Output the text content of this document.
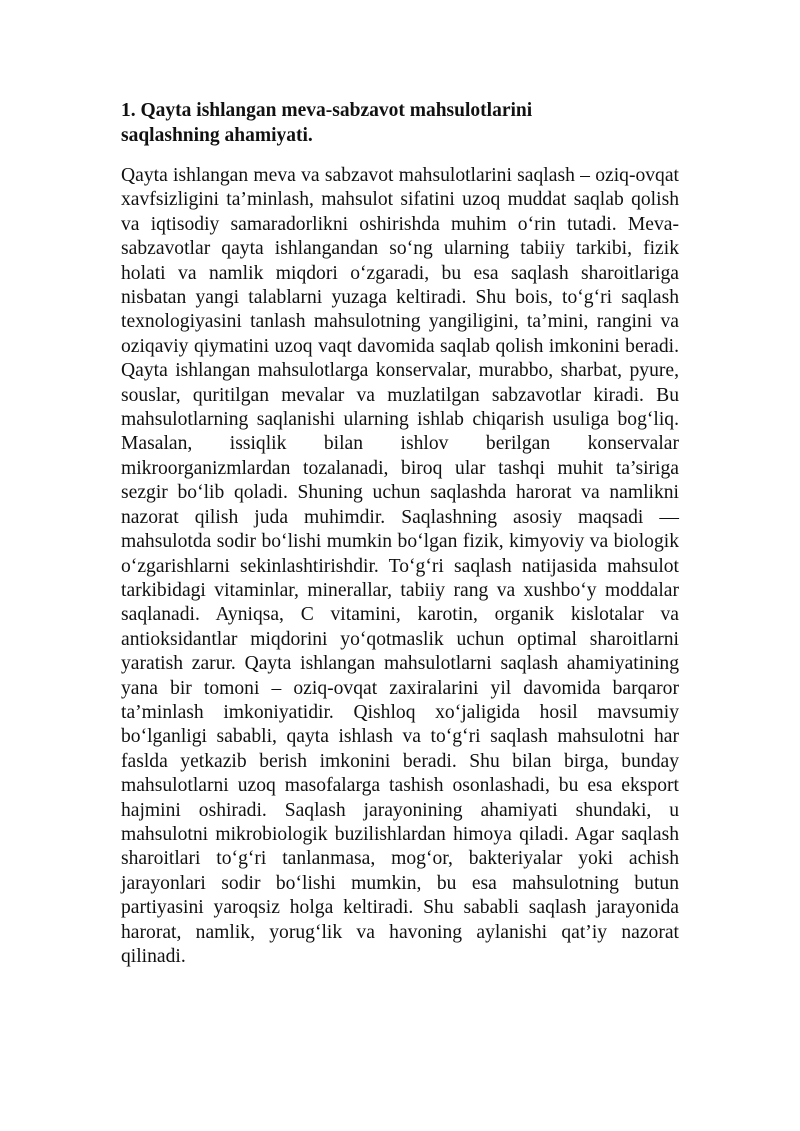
1. Qayta ishlangan meva-sabzavot mahsulotlarini saqlashning ahamiyati.

Qayta ishlangan meva va sabzavot mahsulotlarini saqlash – oziq-ovqat xavfsizligini ta’minlash, mahsulot sifatini uzoq muddat saqlab qolish va iqtisodiy samaradorlikni oshirishda muhim o‘rin tutadi. Meva-sabzavotlar qayta ishlangandan so‘ng ularning tabiiy tarkibi, fizik holati va namlik miqdori o‘zgaradi, bu esa saqlash sharoitlariga nisbatan yangi talablarni yuzaga keltiradi. Shu bois, to‘g‘ri saqlash texnologiyasini tanlash mahsulotning yangiligini, ta’mini, rangini va oziqaviy qiymatini uzoq vaqt davomida saqlab qolish imkonini beradi. Qayta ishlangan mahsulotlarga konservalar, murabbo, sharbat, pyure, souslar, quritilgan mevalar va muzlatilgan sabzavotlar kiradi. Bu mahsulotlarning saqlanishi ularning ishlab chiqarish usuliga bog‘liq. Masalan, issiqlik bilan ishlov berilgan konservalar mikroorganizmlardan tozalanadi, biroq ular tashqi muhit ta’siriga sezgir bo‘lib qoladi. Shuning uchun saqlashda harorat va namlikni nazorat qilish juda muhimdir. Saqlashning asosiy maqsadi — mahsulotda sodir bo‘lishi mumkin bo‘lgan fizik, kimyoviy va biologik o‘zgarishlarni sekinlashtirishdir. To‘g‘ri saqlash natijasida mahsulot tarkibidagi vitaminlar, minerallar, tabiiy rang va xushbo‘y moddalar saqlanadi. Ayniqsa, C vitamini, karotin, organik kislotalar va antioksidantlar miqdorini yo‘qotmaslik uchun optimal sharoitlarni yaratish zarur. Qayta ishlangan mahsulotlarni saqlash ahamiyatining yana bir tomoni – oziq-ovqat zaxiralarini yil davomida barqaror ta’minlash imkoniyatidir. Qishloq xo‘jaligida hosil mavsumiy bo‘lganligi sababli, qayta ishlash va to‘g‘ri saqlash mahsulotni har faslda yetkazib berish imkonini beradi. Shu bilan birga, bunday mahsulotlarni uzoq masofalarga tashish osonlashadi, bu esa eksport hajmini oshiradi. Saqlash jarayonining ahamiyati shundaki, u mahsulotni mikrobiologik buzilishlardan himoya qiladi. Agar saqlash sharoitlari to‘g‘ri tanlanmasa, mog‘or, bakteriyalar yoki achish jarayonlari sodir bo‘lishi mumkin, bu esa mahsulotning butun partiyasini yaroqsiz holga keltiradi. Shu sababli saqlash jarayonida harorat, namlik, yorug‘lik va havoning aylanishi qat’iy nazorat qilinadi.
